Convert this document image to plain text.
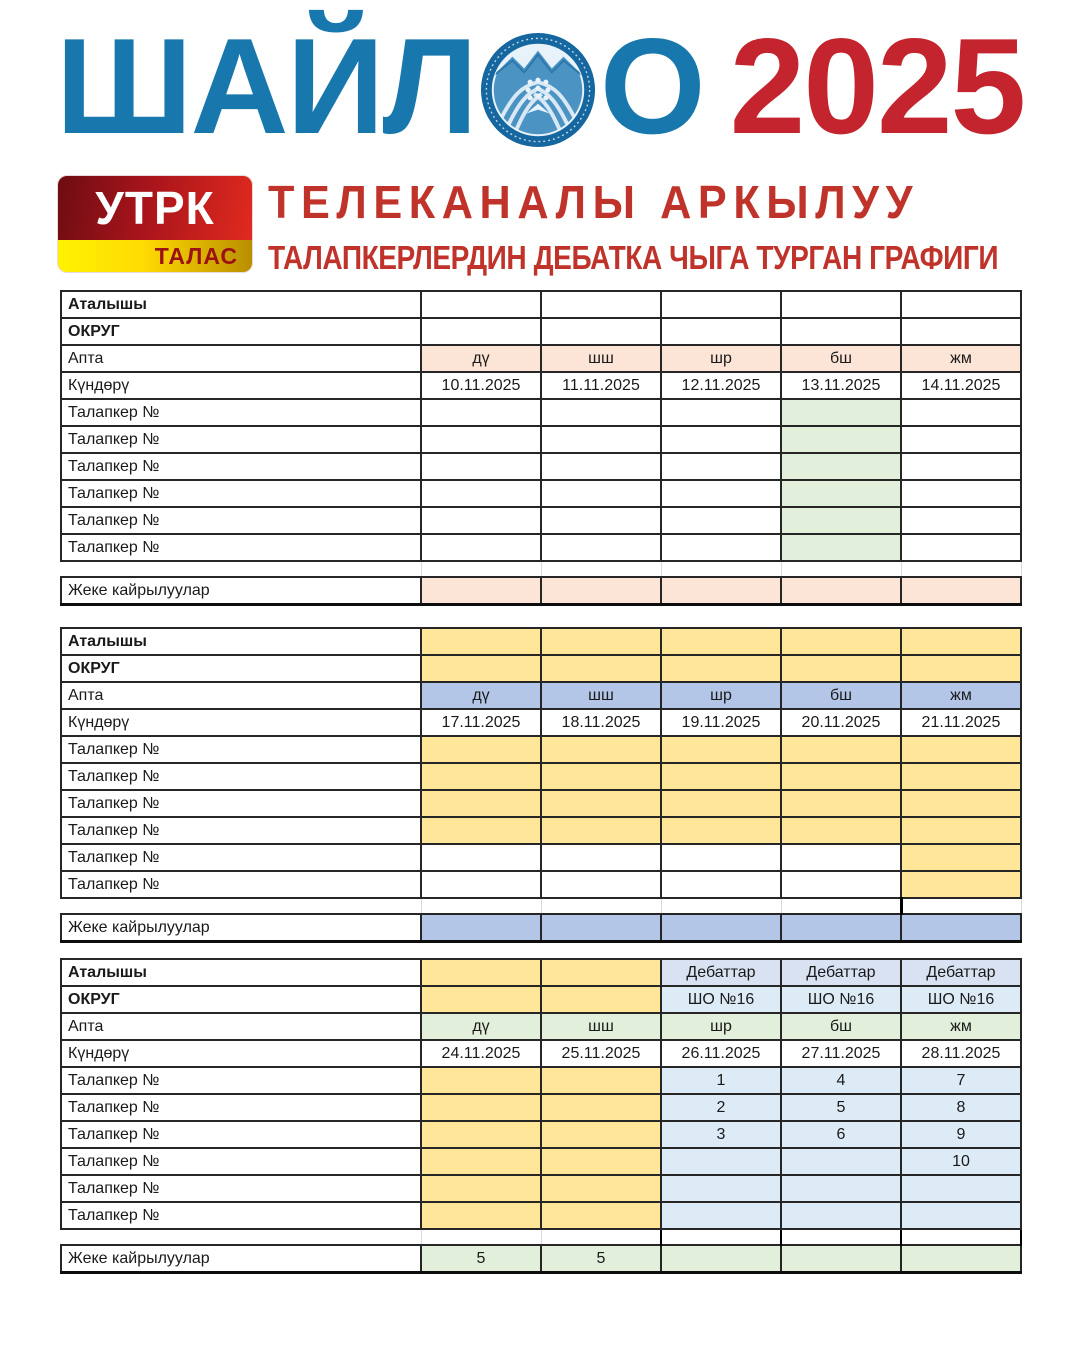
ШАЙЛ О 2025
УТРК
ТАЛАС
ТЕЛЕКАНАЛЫ АРКЫЛУУ
ТАЛАПКЕРЛЕРДИН ДЕБАТКА ЧЫГА ТУРГАН ГРАФИГИ
Аталышы					
ОКРУГ					
Апта	дү	шш	шр	бш	жм
Күндөрү	10.11.2025	11.11.2025	12.11.2025	13.11.2025	14.11.2025
Талапкер №					
Талапкер №					
Талапкер №					
Талапкер №					
Талапкер №					
Талапкер №					

Жеке кайрылуулар					
Аталышы					
ОКРУГ					
Апта	дү	шш	шр	бш	жм
Күндөрү	17.11.2025	18.11.2025	19.11.2025	20.11.2025	21.11.2025
Талапкер №					
Талапкер №					
Талапкер №					
Талапкер №					
Талапкер №					
Талапкер №					

Жеке кайрылуулар					
Аталышы			Дебаттар	Дебаттар	Дебаттар
ОКРУГ			ШО №16	ШО №16	ШО №16
Апта	дү	шш	шр	бш	жм
Күндөрү	24.11.2025	25.11.2025	26.11.2025	27.11.2025	28.11.2025
Талапкер №			1	4	7
Талапкер №			2	5	8
Талапкер №			3	6	9
Талапкер №					10
Талапкер №					
Талапкер №					

Жеке кайрылуулар	5	5			
